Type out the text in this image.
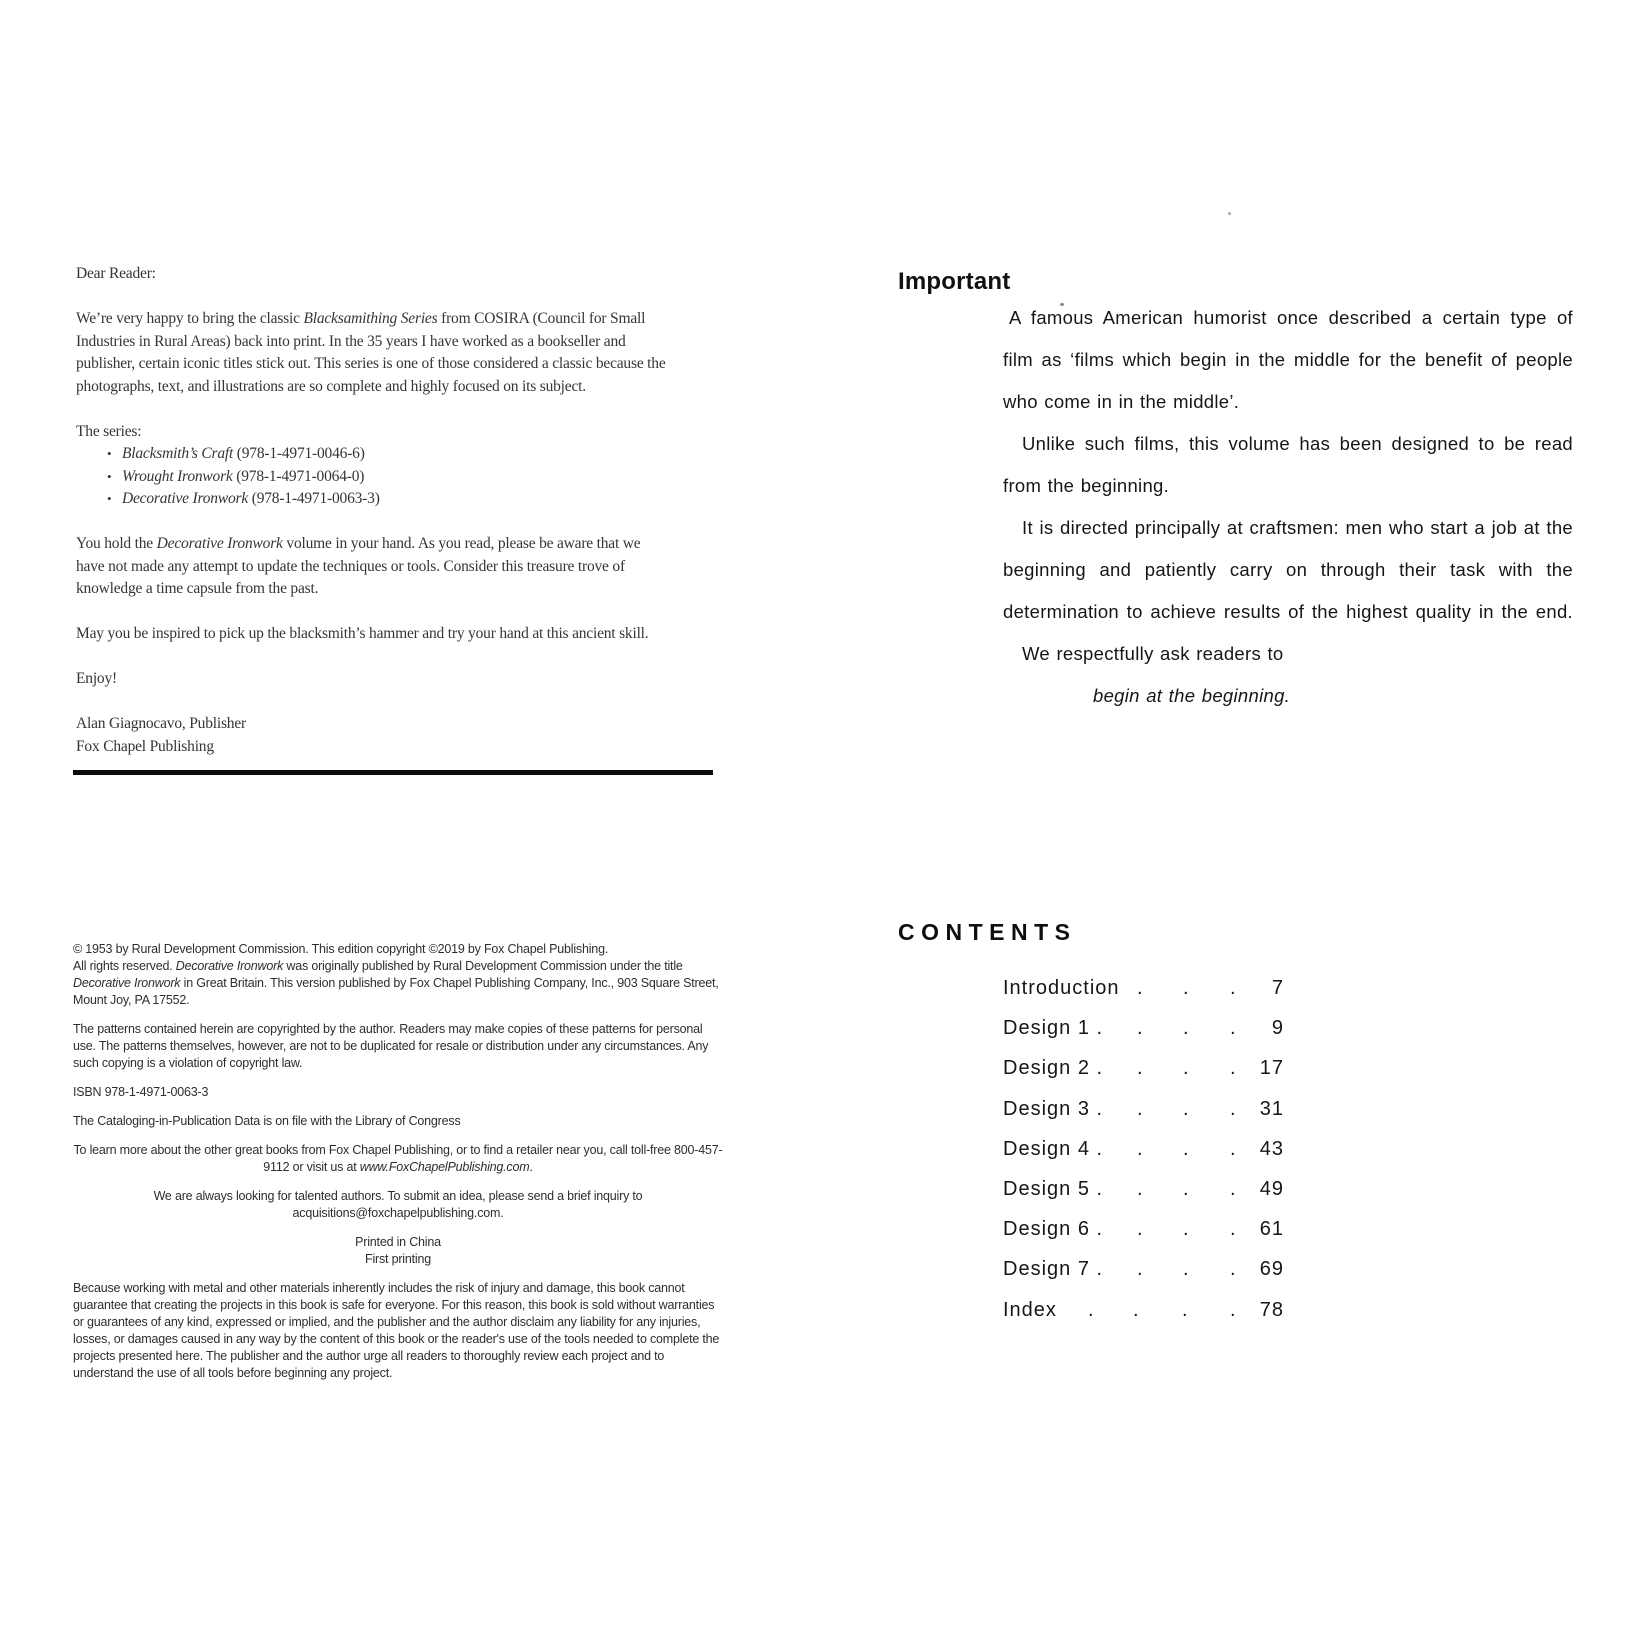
Dear Reader:
We’re very happy to bring the classic Blacksamithing Series from COSIRA (Council for Small
Industries in Rural Areas) back into print. In the 35 years I have worked as a bookseller and
publisher, certain iconic titles stick out. This series is one of those considered a classic because the
photographs, text, and illustrations are so complete and highly focused on its subject.
The series:
• Blacksmith’s Craft (978-1-4971-0046-6)
• Wrought Ironwork (978-1-4971-0064-0)
• Decorative Ironwork (978-1-4971-0063-3)
You hold the Decorative Ironwork volume in your hand. As you read, please be aware that we
have not made any attempt to update the techniques or tools. Consider this treasure trove of
knowledge a time capsule from the past.
May you be inspired to pick up the blacksmith’s hammer and try your hand at this ancient skill.
Enjoy!
Alan Giagnocavo, Publisher
Fox Chapel Publishing

© 1953 by Rural Development Commission. This edition copyright ©2019 by Fox Chapel Publishing.

All rights reserved. Decorative Ironwork was originally published by Rural Development Commission under the title Decorative Ironwork in Great Britain. This version published by Fox Chapel Publishing Company, Inc., 903 Square Street, Mount Joy, PA 17552.

The patterns contained herein are copyrighted by the author. Readers may make copies of these patterns for personal use. The patterns themselves, however, are not to be duplicated for resale or distribution under any circumstances. Any such copying is a violation of copyright law.

ISBN 978-1-4971-0063-3

The Cataloging-in-Publication Data is on file with the Library of Congress

To learn more about the other great books from Fox Chapel Publishing, or to find a retailer near you, call toll-free 800-457-9112 or visit us at www.FoxChapelPublishing.com.

We are always looking for talented authors. To submit an idea, please send a brief inquiry to acquisitions@foxchapelpublishing.com.

Printed in China

First printing

Because working with metal and other materials inherently includes the risk of injury and damage, this book cannot guarantee that creating the projects in this book is safe for everyone. For this reason, this book is sold without warranties or guarantees of any kind, expressed or implied, and the publisher and the author disclaim any liability for any injuries, losses, or damages caused in any way by the content of this book or the reader's use of the tools needed to complete the projects presented here. The publisher and the author urge all readers to thoroughly review each project and to understand the use of all tools before beginning any project.

Important
A famous American humorist once described a certain type of
film as ‘films which begin in the middle for the benefit of people
who come in in the middle’.
Unlike such films, this volume has been designed to be read
from the beginning.
It is directed principally at craftsmen: men who start a job at the
beginning and patiently carry on through their task with the
determination to achieve results of the highest quality in the end.
We respectfully ask readers to
begin at the beginning.
CONTENTS
Introduction . . . 7
Design 1 . . . . 9
Design 2 . . . . 17
Design 3 . . . . 31
Design 4 . . . . 43
Design 5 . . . . 49
Design 6 . . . . 61
Design 7 . . . . 69
Index . . . . 78
